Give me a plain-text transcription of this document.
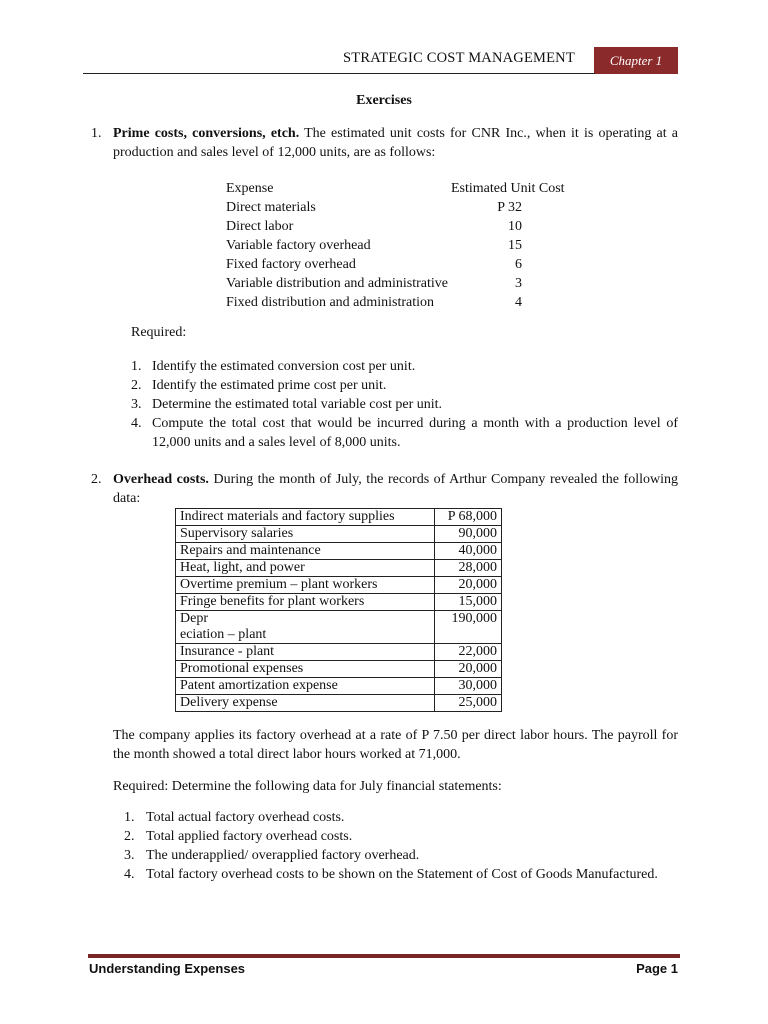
STRATEGIC COST MANAGEMENT	Chapter 1
Exercises
1. Prime costs, conversions, etch. The estimated unit costs for CNR Inc., when it is operating at a production and sales level of 12,000 units, are as follows:
Expense	Estimated Unit Cost
Direct materials	P 32
Direct labor	10
Variable factory overhead	15
Fixed factory overhead	6
Variable distribution and administrative	3
Fixed distribution and administration	4
Required:
1. Identify the estimated conversion cost per unit.
2. Identify the estimated prime cost per unit.
3. Determine the estimated total variable cost per unit.
4. Compute the total cost that would be incurred during a month with a production level of 12,000 units and a sales level of 8,000 units.
2. Overhead costs. During the month of July, the records of Arthur Company revealed the following data:
Indirect materials and factory supplies	P 68,000
Supervisory salaries	90,000
Repairs and maintenance	40,000
Heat, light, and power	28,000
Overtime premium – plant workers	20,000
Fringe benefits for plant workers	15,000
Depr
eciation – plant	190,000
Insurance - plant	22,000
Promotional expenses	20,000
Patent amortization expense	30,000
Delivery expense	25,000
The company applies its factory overhead at a rate of P 7.50 per direct labor hours. The payroll for the month showed a total direct labor hours worked at 71,000.
Required: Determine the following data for July financial statements:
1. Total actual factory overhead costs.
2. Total applied factory overhead costs.
3. The underapplied/ overapplied factory overhead.
4. Total factory overhead costs to be shown on the Statement of Cost of Goods Manufactured.
Understanding Expenses	Page 1
